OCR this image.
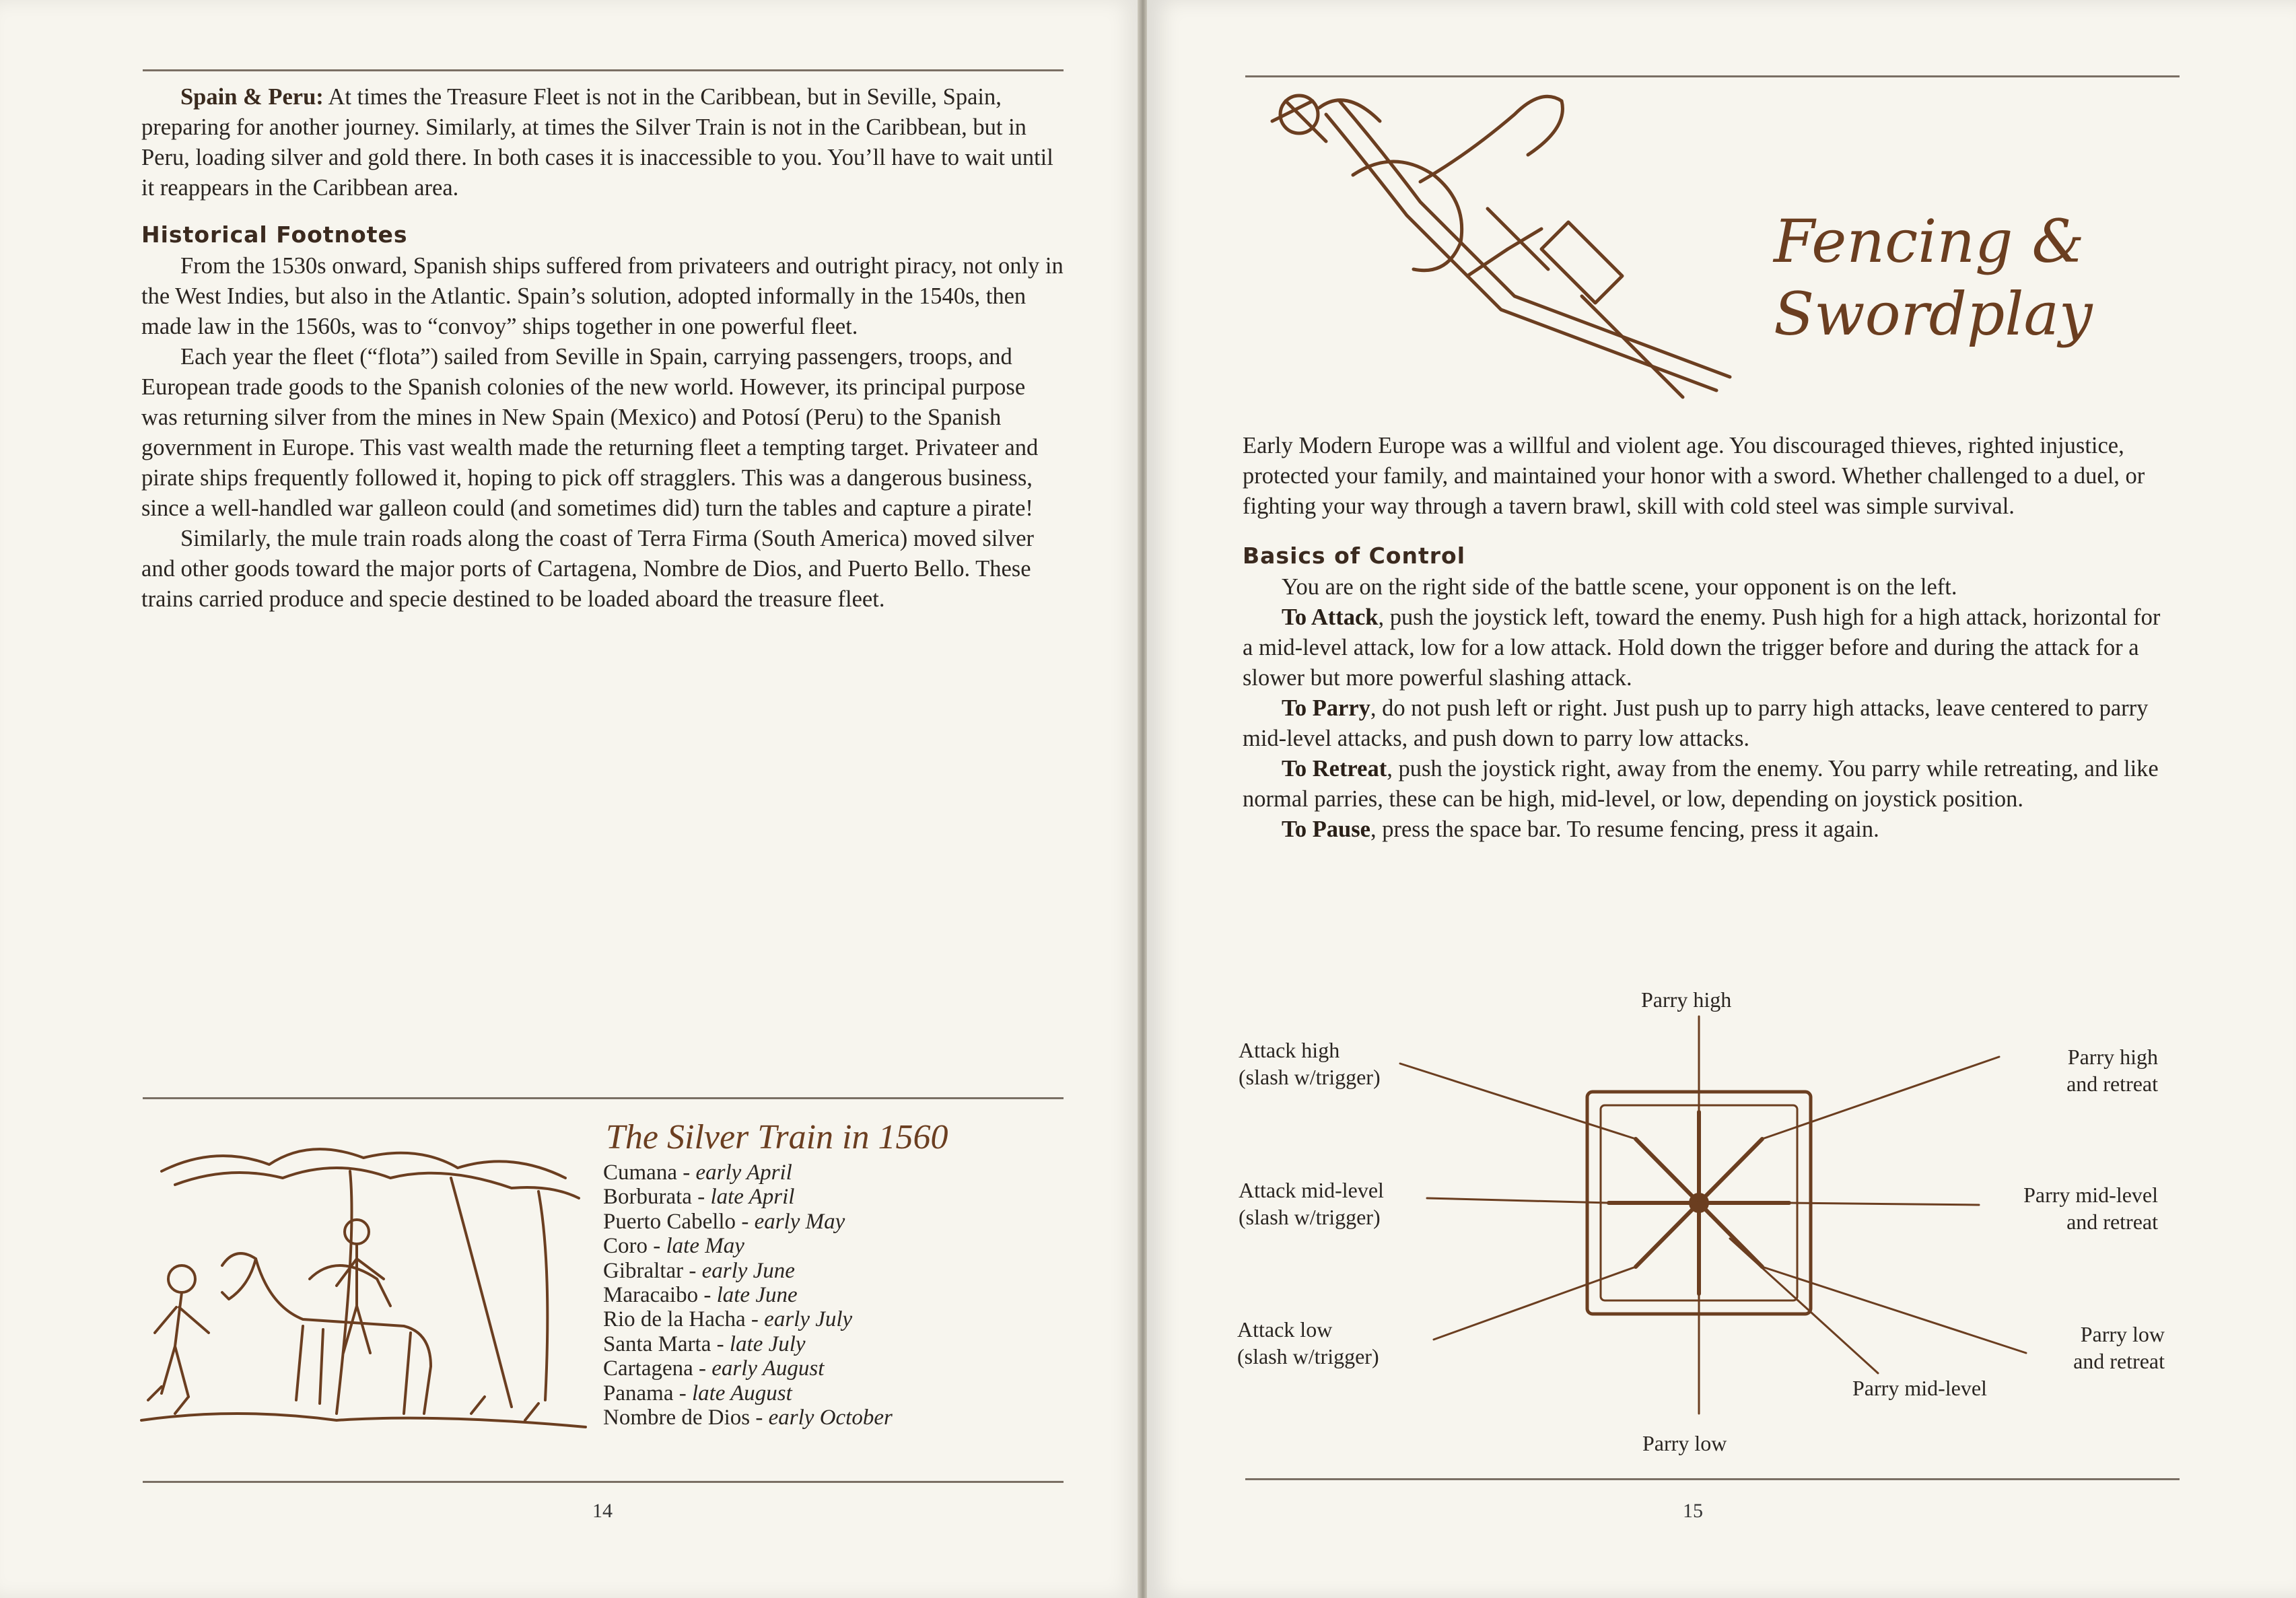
Spain & Peru: At times the Treasure Fleet is not in the Caribbean, but in Seville, Spain, preparing for another journey. Similarly, at times the Silver Train is not in the Caribbean, but in Peru, loading silver and gold there. In both cases it is inaccessible to you. You’ll have to wait until it reappears in the Caribbean area.

Historical Footnotes

From the 1530s onward, Spanish ships suffered from privateers and outright piracy, not only in the West Indies, but also in the Atlantic. Spain’s solution, adopted informally in the 1540s, then made law in the 1560s, was to “convoy” ships together in one powerful fleet.

Each year the fleet (“flota”) sailed from Seville in Spain, carrying passengers, troops, and European trade goods to the Spanish colonies of the new world. However, its principal purpose was returning silver from the mines in New Spain (Mexico) and Potosí (Peru) to the Spanish government in Europe. This vast wealth made the returning fleet a tempting target. Privateer and pirate ships frequently followed it, hoping to pick off stragglers. This was a dangerous business, since a well-handled war galleon could (and sometimes did) turn the tables and capture a pirate!

Similarly, the mule train roads along the coast of Terra Firma (South America) moved silver and other goods toward the major ports of Cartagena, Nombre de Dios, and Puerto Bello. These trains carried produce and specie destined to be loaded aboard the treasure fleet.

The Silver Train in 1560
Cumana - early April
Borburata - late April
Puerto Cabello - early May
Coro - late May
Gibraltar - early June
Maracaibo - late June
Rio de la Hacha - early July
Santa Marta - late July
Cartagena - early August
Panama - late August
Nombre de Dios - early October
14
Fencing &
Swordplay

Early Modern Europe was a willful and violent age. You discouraged thieves, righted injustice, protected your family, and maintained your honor with a sword. Whether challenged to a duel, or fighting your way through a tavern brawl, skill with cold steel was simple survival.

Basics of Control

You are on the right side of the battle scene, your opponent is on the left.

To Attack, push the joystick left, toward the enemy. Push high for a high attack, horizontal for a mid-level attack, low for a low attack. Hold down the trigger before and during the attack for a slower but more powerful slashing attack.

To Parry, do not push left or right. Just push up to parry high attacks, leave centered to parry mid-level attacks, and push down to parry low attacks.

To Retreat, push the joystick right, away from the enemy. You parry while retreating, and like normal parries, these can be high, mid-level, or low, depending on joystick position.

To Pause, press the space bar. To resume fencing, press it again.

Parry high
Attack high
(slash w/trigger)
Parry high
and retreat
Attack mid-level
(slash w/trigger)
Parry mid-level
and retreat
Attack low
(slash w/trigger)
Parry low
and retreat
Parry mid-level
Parry low
15
